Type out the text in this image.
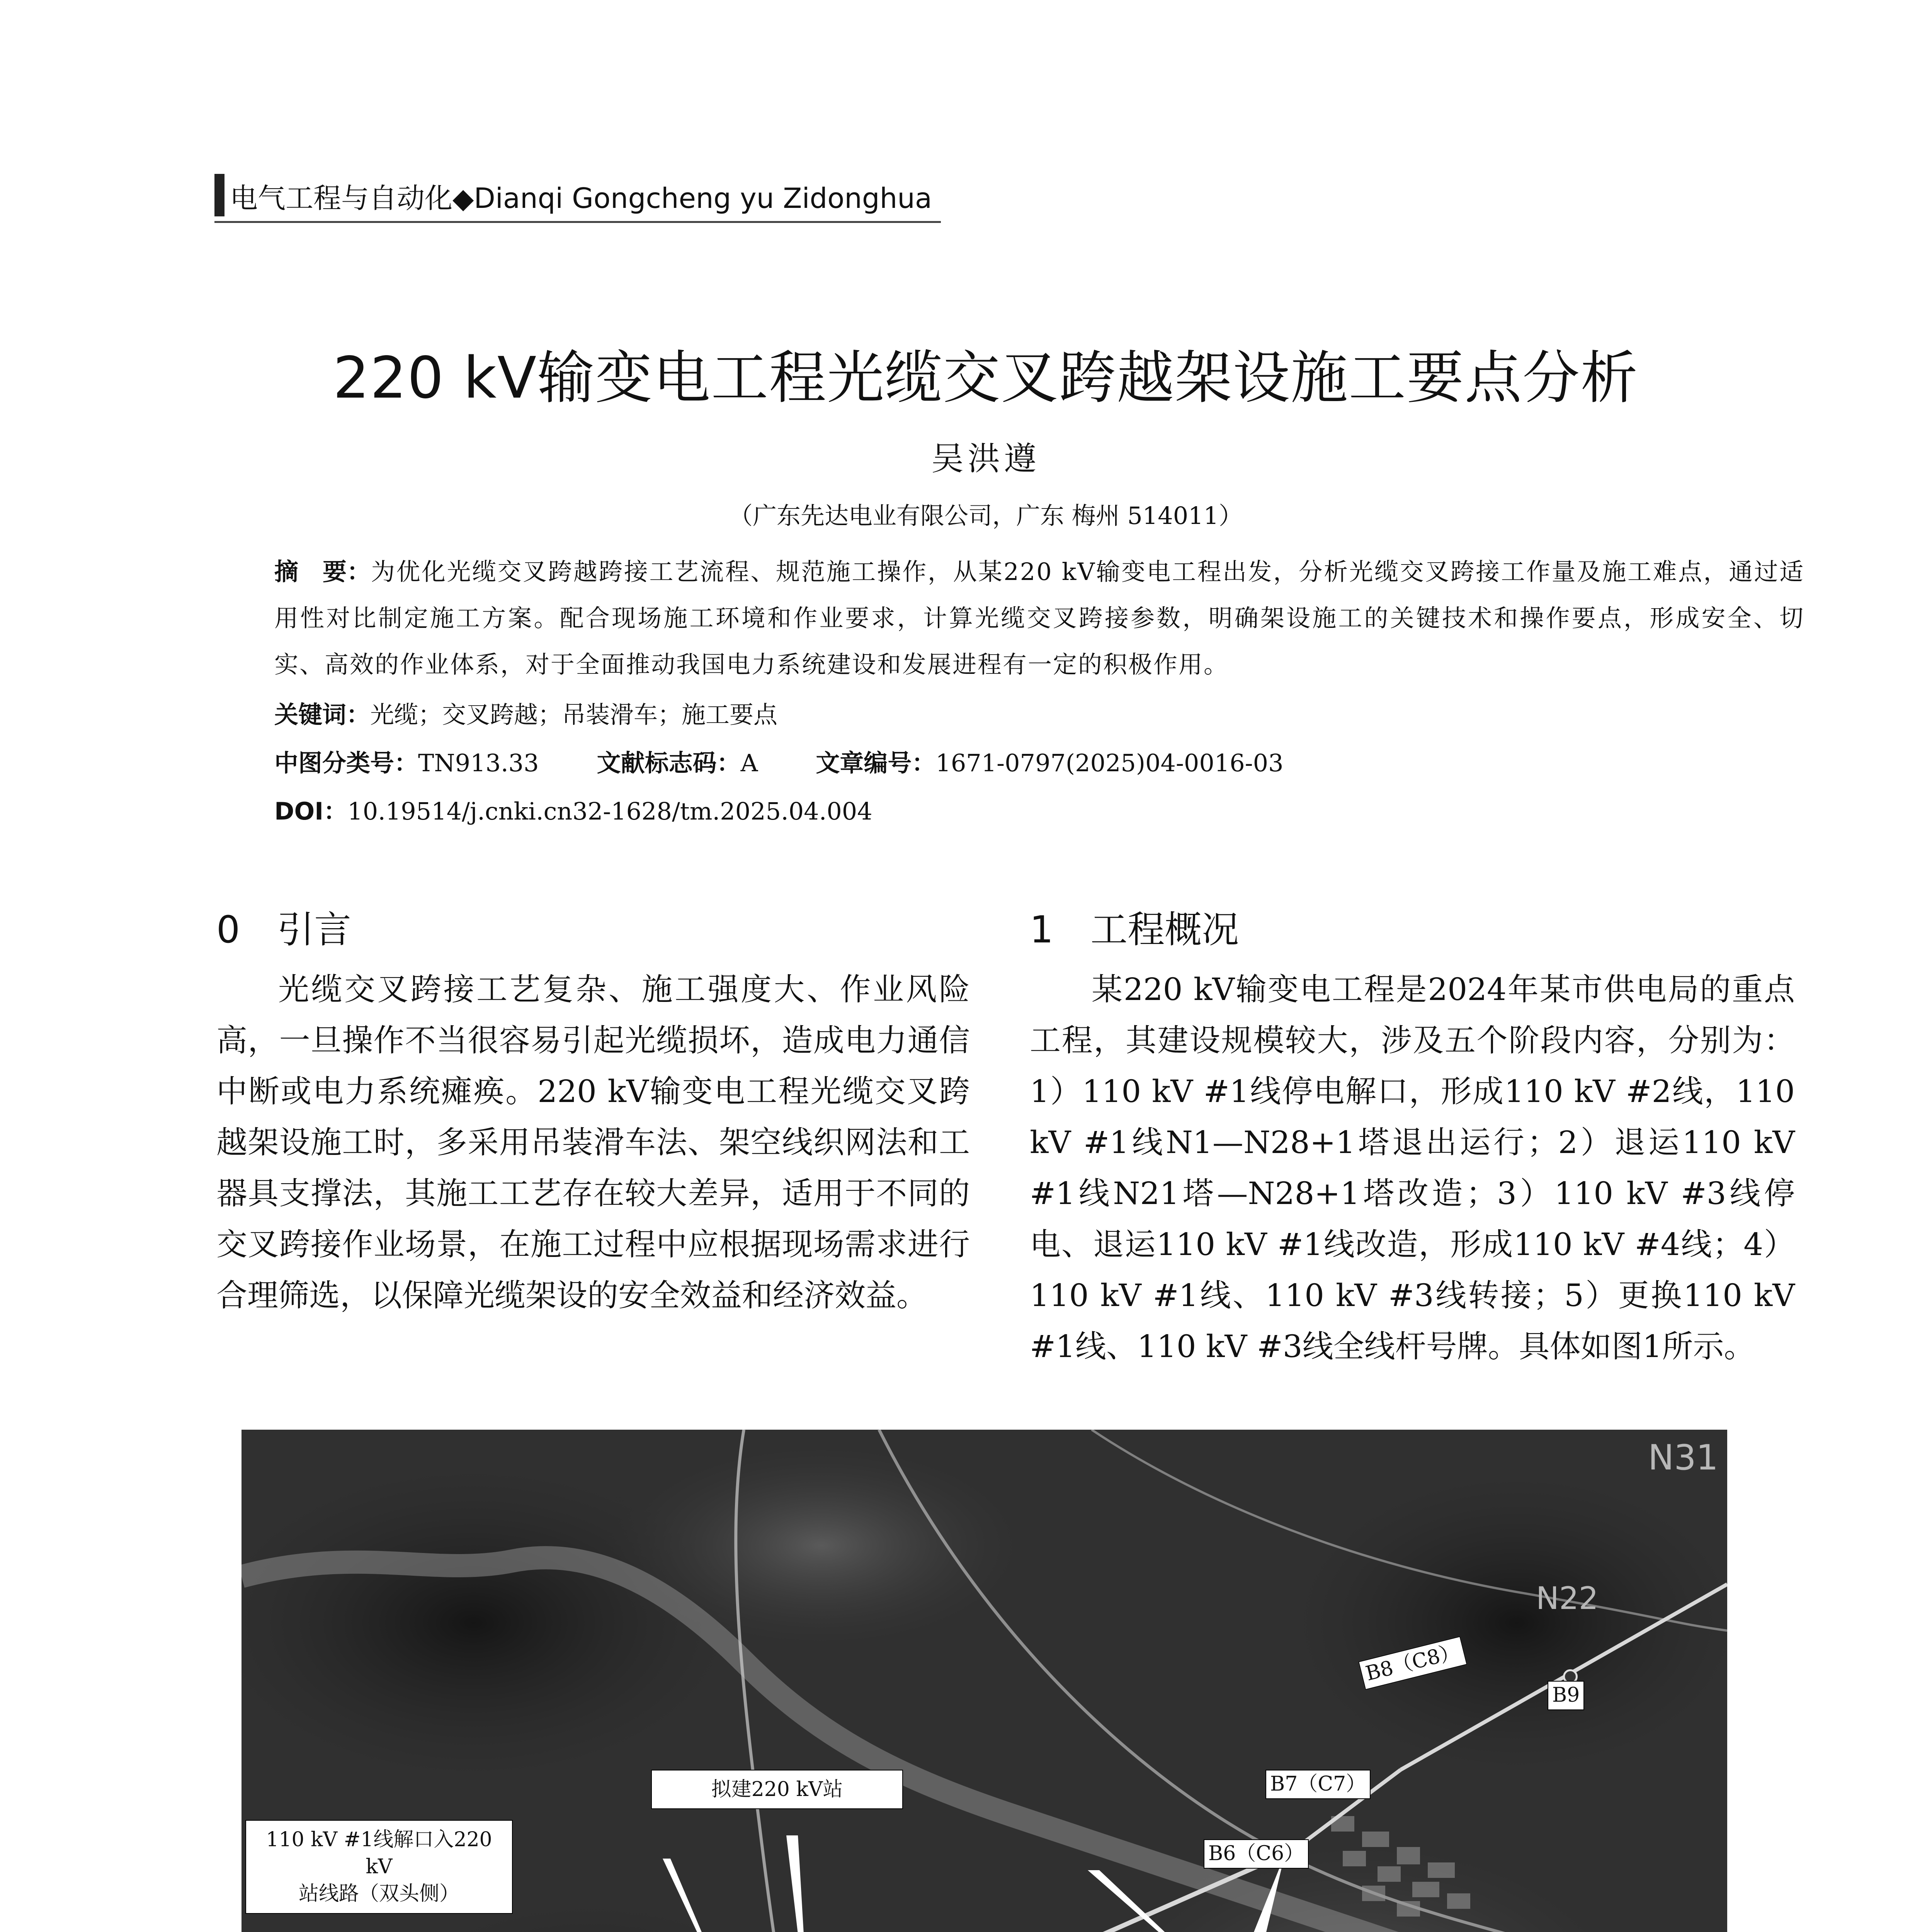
电气工程与自动化◆Dianqi Gongcheng yu Zidonghua
220 kV输变电工程光缆交叉跨越架设施工要点分析
吴洪遵
（广东先达电业有限公司，广东 梅州 514011）
摘　要：为优化光缆交叉跨越跨接工艺流程、规范施工操作，从某220 kV输变电工程出发，分析光缆交叉跨接工作量及施工难点，通过适用性对比制定施工方案。配合现场施工环境和作业要求，计算光缆交叉跨接参数，明确架设施工的关键技术和操作要点，形成安全、切实、高效的作业体系，对于全面推动我国电力系统建设和发展进程有一定的积极作用。
关键词：光缆；交叉跨越；吊装滑车；施工要点
中图分类号：TN913.33 文献标志码：A 文章编号：1671-0797(2025)04-0016-03
DOI：10.19514/j.cnki.cn32-1628/tm.2025.04.004
0　引言
光缆交叉跨接工艺复杂、施工强度大、作业风险高，一旦操作不当很容易引起光缆损坏，造成电力通信中断或电力系统瘫痪。220 kV输变电工程光缆交叉跨越架设施工时，多采用吊装滑车法、架空线织网法和工器具支撑法，其施工工艺存在较大差异，适用于不同的交叉跨接作业场景，在施工过程中应根据现场需求进行合理筛选，以保障光缆架设的安全效益和经济效益。
1　工程概况
某220 kV输变电工程是2024年某市供电局的重点工程，其建设规模较大，涉及五个阶段内容，分别为：1）110 kV #1线停电解口，形成110 kV #2线，110 kV #1线N1—N28+1塔退出运行；2）退运110 kV #1线N21塔—N28+1塔改造；3）110 kV #3线停电、退运110 kV #1线改造，形成110 kV #4线；4）110 kV #1线、110 kV #3线转接；5）更换110 kV #1线、110 kV #3线全线杆号牌。具体如图1所示。
N31
N22
拟建220 kV站
110 kV #1线解口入220 kV
站线路（双头侧）
B6（C6）
B7（C7）
B8（C8）
B9
